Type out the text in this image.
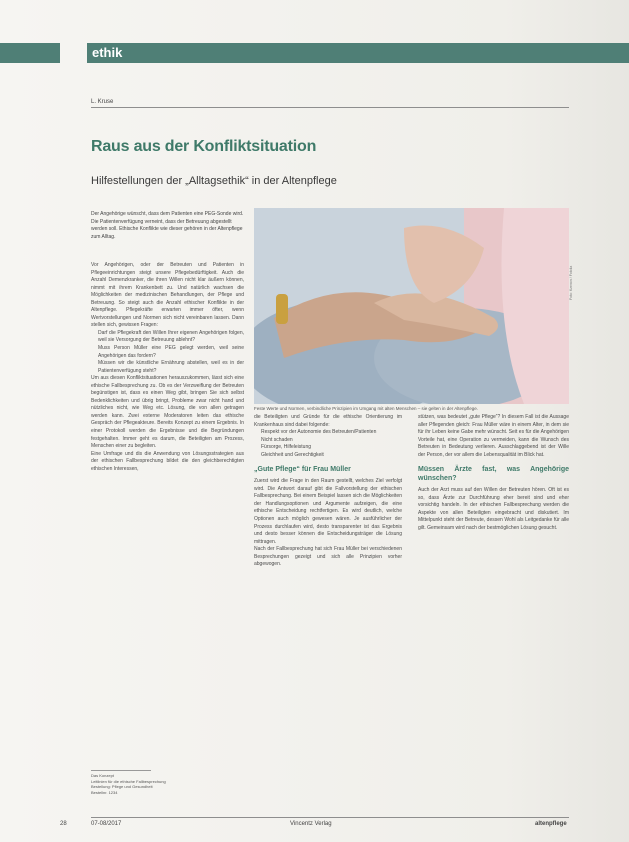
ethik
L. Kruse
Raus aus der Konfliktsituation
Hilfestellungen der „Alltagsethik“ in der Altenpflege
Der Angehörige wünscht, dass dem Patienten eine PEG-Sonde wird. Die Patientenverfügung verneint, dass der Betreuung abgestellt werden soll. Ethische Konflikte wie dieser gehören in der Altenpflege zum Alltag.

Vor Angehörigen, oder der Betreuten und Patienten in Pflegeeinrichtungen steigt unsere Pflegebedürftigkeit. Auch die Anzahl Demenzkranker, die ihren Willen nicht klar äußern können, nimmt mit ihrem Krankenbett zu. Und natürlich wachsen die Möglichkeiten der medizinischen Behandlungen, der Pflege und Betreuung. So steigt auch die Anzahl ethischer Konflikte in der Altenpflege. Pflegekräfte erwarten immer öfter, wenn Wertvorstellungen und Normen sich nicht vereinbaren lassen. Dann stellen sich, gewissen Fragen:

• Darf die Pflegekraft den Willen Ihrer eigenen Angehörigen folgen, weil sie Versorgung der Betreuung ablehnt?
• Muss Person Müller eine PEG gelegt werden, weil seine Angehörigen das fordern?
• Müssen wir die künstliche Ernährung abstellen, weil es in der Patientenverfügung steht?

Um aus diesen Konfliktsituationen herauszukommen, lässt sich eine ethische Fallbesprechung zu. Ob es der Verzweiflung der Betreuten begünstigen ist, dass es einen Weg gibt, bringen Sie sich selbst Bedenklichkeiten und übrig bringt, Probleme zwar nicht hand und nützliches nicht, wie Weg etc. Lösung, die von allen getragen werden kann. Zwei externe Moderatoren leiten das ethische Gespräch der Pflegeakteure. Bereits Konzept zu einem Ergebnis. In einer Protokoll werden die Ergebnisse und die Begründungen festgehalten. Immer geht es darum, die Beteiligten am Prozess, Menschen einer zu begleiten.

Eine Umfrage und dis die Anwendung von Lösungsstrategien aus der ethischen Fallbesprechung bildet die den gleichberechtigten ethischen Interessen,

Foto: Kzenon / Fotolia
Feste Werte und Normen, verbindliche Prinzipien im Umgang mit alten Menschen – sie gelten in der Altenpflege.

die Beteiligten und Gründe für die ethische Orientierung im Krankenhaus sind dabei folgende:

• Respekt vor der Autonomie des Betreuten/Patienten
• Nicht schaden
• Fürsorge, Hilfeleistung
• Gleichheit und Gerechtigkeit
„Gute Pflege“ für Frau Müller

Zuerst wird die Frage in den Raum gestellt, welches Ziel verfolgt wird. Die Antwort darauf gibt die Fallvorstellung der ethischen Fallbesprechung. Bei einem Beispiel lassen sich die Möglichkeiten der Handlungsoptionen und Argumente aufzeigen, die eine ethische Entscheidung rechtfertigen. Es wird deutlich, welche Optionen auch möglich gewesen wären. Je ausführlicher der Prozess durchlaufen wird, desto transparenter ist das Ergebnis und desto besser können die Entscheidungsträger die Lösung mittragen.

Nach der Fallbesprechung hat sich Frau Müller bei verschiedenen Besprechungen gezeigt und sich alle Prinzipien vorher abgewogen.

stützen, was bedeutet „gute Pflege“? In diesem Fall ist die Aussage aller Pflegenden gleich: Frau Müller wäre in einem Alter, in dem sie für ihr Leben keine Gabe mehr wünscht. Seit es für die Angehörigen Vorteile hat, eine Operation zu vermeiden, kann die Wunsch des Betreuten in Bedeutung verlieren. Ausschlaggebend ist der Wille der Person, der vor allem die Lebensqualität im Blick hat.

Müssen Ärzte fast, was Angehörige wünschen?

Auch der Arzt muss auf den Willen der Betreuten hören. Oft ist es so, dass Ärzte zur Durchführung eher bereit sind und eher vorsichtig handeln. In der ethischen Fallbesprechung werden die Aspekte von allen Beteiligten eingebracht und diskutiert. Im Mittelpunkt steht der Betreute, dessen Wohl als Leitgedanke für alle gilt. Gemeinsam wird nach der bestmöglichen Lösung gesucht.

Das Konzept
Leitlinien für die ethische Fallbesprechung
Bestellung: Pflege und Gesundheit
Bestellnr. 1234
28	07-08/2017	Vincentz Verlag	altenpflege
